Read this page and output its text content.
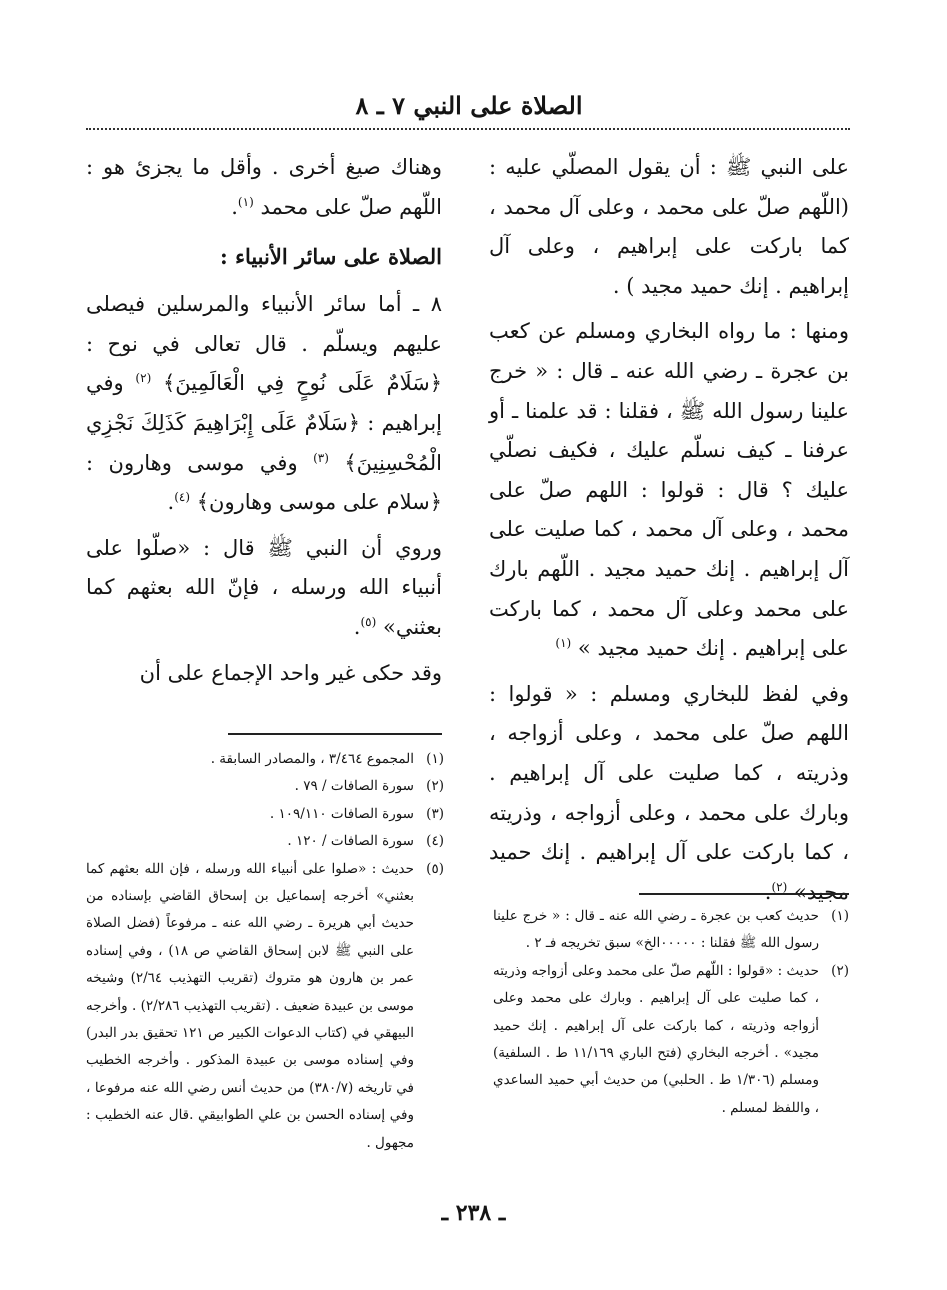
الصلاة على النبي ٧ ـ ٨

على النبي ﷺ : أن يقول المصلّي عليه : (اللّهم صلّ على محمد ، وعلى آل محمد ، كما باركت على إبراهيم ، وعلى آل إبراهيم . إنك حميد مجيد ) .

ومنها : ما رواه البخاري ومسلم عن كعب بن عجرة ـ رضي الله عنه ـ قال : « خرج علينا رسول الله ﷺ ، فقلنا : قد علمنا ـ أو عرفنا ـ كيف نسلّم عليك ، فكيف نصلّي عليك ؟ قال : قولوا : اللهم صلّ على محمد ، وعلى آل محمد ، كما صليت على آل إبراهيم . إنك حميد مجيد . اللّهم بارك على محمد وعلى آل محمد ، كما باركت على إبراهيم . إنك حميد مجيد » $^{(١)}$

وفي لفظ للبخاري ومسلم : « قولوا : اللهم صلّ على محمد ، وعلى أزواجه ، وذريته ، كما صليت على آل إبراهيم . وبارك على محمد ، وعلى أزواجه ، وذريته ، كما باركت على آل إبراهيم . إنك حميد مجيد» $^{(٢)}$.

وهناك صيغ أخرى . وأقل ما يجزئ هو : اللّهم صلّ على محمد $^{(١)}$.

الصلاة على سائر الأنبياء :

٨ ـ أما سائر الأنبياء والمرسلين فيصلى عليهم ويسلّم . قال تعالى في نوح : ﴿سَلَامٌ عَلَى نُوحٍ فِي الْعَالَمِينَ﴾ $^{(٢)}$ وفي إبراهيم : ﴿سَلَامٌ عَلَى إِبْرَاهِيمَ كَذَلِكَ نَجْزِي الْمُحْسِنِينَ﴾ $^{(٣)}$ وفي موسى وهارون : ﴿سلام على موسى وهارون﴾ $^{(٤)}$.

وروي أن النبي ﷺ قال : «صلّوا على أنبياء الله ورسله ، فإنّ الله بعثهم كما بعثني» $^{(٥)}$.

وقد حكى غير واحد الإجماع على أن

(١)
حديث كعب بن عجرة ـ رضي الله عنه ـ قال : « خرج علينا رسول الله ﷺ فقلنا : ٠٠٠٠٠الخ» سبق تخريجه فـ ٢ .
(٢)
حديث : «قولوا : اللّهم صلّ على محمد وعلى أزواجه وذريته ، كما صليت على آل إبراهيم . وبارك على محمد وعلى أزواجه وذريته ، كما باركت على آل إبراهيم . إنك حميد مجيد» . أخرجه البخاري (فتح الباري ١١/١٦٩ ط . السلفية) ومسلم (١/٣٠٦ ط . الحلبي) من حديث أبي حميد الساعدي ، واللفظ لمسلم .
(١)
المجموع ٣/٤٦٤ ، والمصادر السابقة .
(٢)
سورة الصافات / ٧٩ .
(٣)
سورة الصافات ١٠٩/١١٠ .
(٤)
سورة الصافات / ١٢٠ .
(٥)
حديث : «صلوا على أنبياء الله ورسله ، فإن الله بعثهم كما بعثني» أخرجه إسماعيل بن إسحاق القاضي بإسناده من حديث أبي هريرة ـ رضي الله عنه ـ مرفوعاً (فضل الصلاة على النبي ﷺ لابن إسحاق القاضي ص ١٨) ، وفي إسناده عمر بن هارون هو متروك (تقريب التهذيب ٢/٦٤) وشيخه موسى بن عبيدة ضعيف . (تقريب التهذيب ٢/٢٨٦) . وأخرجه البيهقي في (كتاب الدعوات الكبير ص ١٢١ تحقيق بدر البدر) وفي إسناده موسى بن عبيدة المذكور . وأخرجه الخطيب في تاريخه (٣٨٠/٧) من حديث أنس رضي الله عنه مرفوعا ، وفي إسناده الحسن بن علي الطوابيقي .قال عنه الخطيب : مجهول .
ـ ٢٣٨ ـ
